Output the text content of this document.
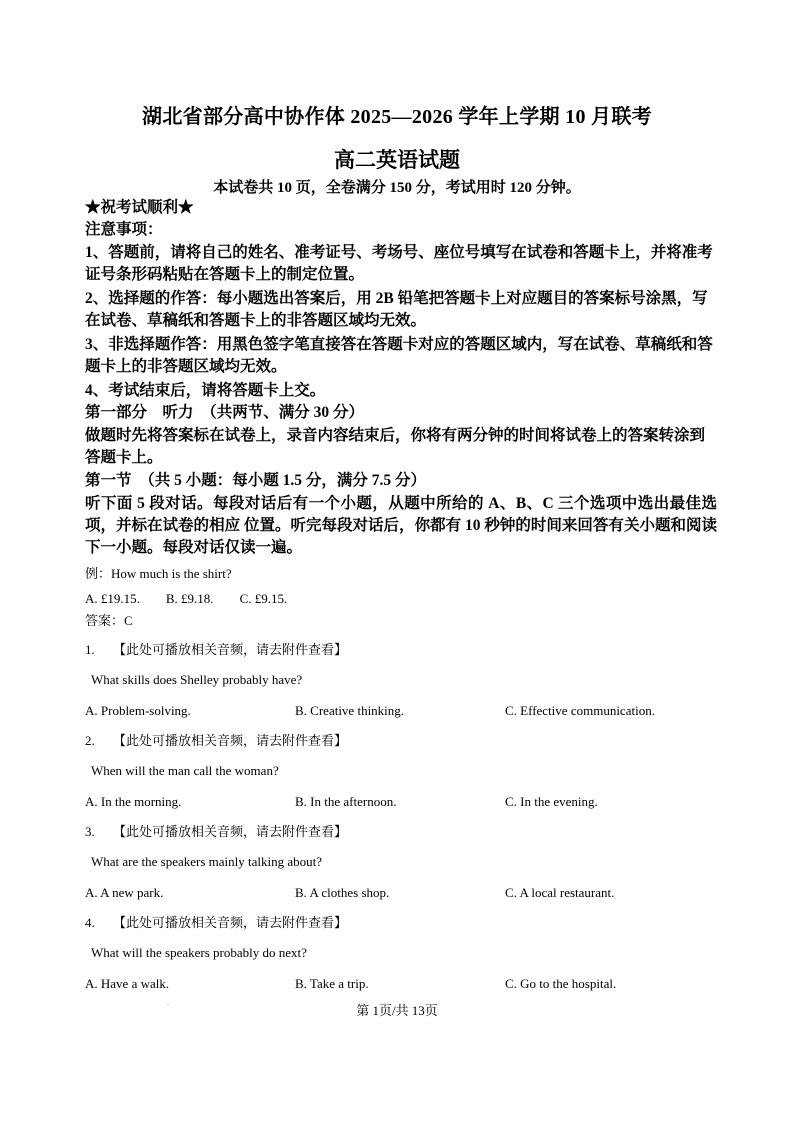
湖北省部分高中协作体 2025—2026 学年上学期 10 月联考
高二英语试题
本试卷共 10 页，全卷满分 150 分，考试用时 120 分钟。
★祝考试顺利★
注意事项：
1、答题前，请将自己的姓名、准考证号、考场号、座位号填写在试卷和答题卡上，并将准考证号条形码粘贴在答题卡上的制定位置。
2、选择题的作答：每小题选出答案后，用 2B 铅笔把答题卡上对应题目的答案标号涂黑，写在试卷、草稿纸和答题卡上的非答题区域均无效。
3、非选择题作答：用黑色签字笔直接答在答题卡对应的答题区域内，写在试卷、草稿纸和答题卡上的非答题区域均无效。
4、考试结束后，请将答题卡上交。
第一部分　听力　（共两节、满分 30 分）
做题时先将答案标在试卷上，录音内容结束后，你将有两分钟的时间将试卷上的答案转涂到答题卡上。
第一节　（共 5 小题：每小题 1.5 分，满分 7.5 分）
听下面 5 段对话。每段对话后有一个小题，从题中所给的 A、B、C 三个选项中选出最佳选项，并标在试卷的相应 位置。听完每段对话后，你都有 10 秒钟的时间来回答有关小题和阅读下一小题。每段对话仅读一遍。
例：How much is the shirt?
A. £19.15. B. £9.18. C. £9.15.
答案：C
1. 【此处可播放相关音频，请去附件查看】
What skills does Shelley probably have?
A. Problem-solving.	B. Creative thinking.	C. Effective communication.
2. 【此处可播放相关音频，请去附件查看】
When will the man call the woman?
A. In the morning.	B. In the afternoon.	C. In the evening.
3. 【此处可播放相关音频，请去附件查看】
What are the speakers mainly talking about?
A. A new park.	B. A clothes shop.	C. A local restaurant.
4. 【此处可播放相关音频，请去附件查看】
What will the speakers probably do next?
A. Have a walk.	B. Take a trip.	C. Go to the hospital.
.
第 1页/共 13页
